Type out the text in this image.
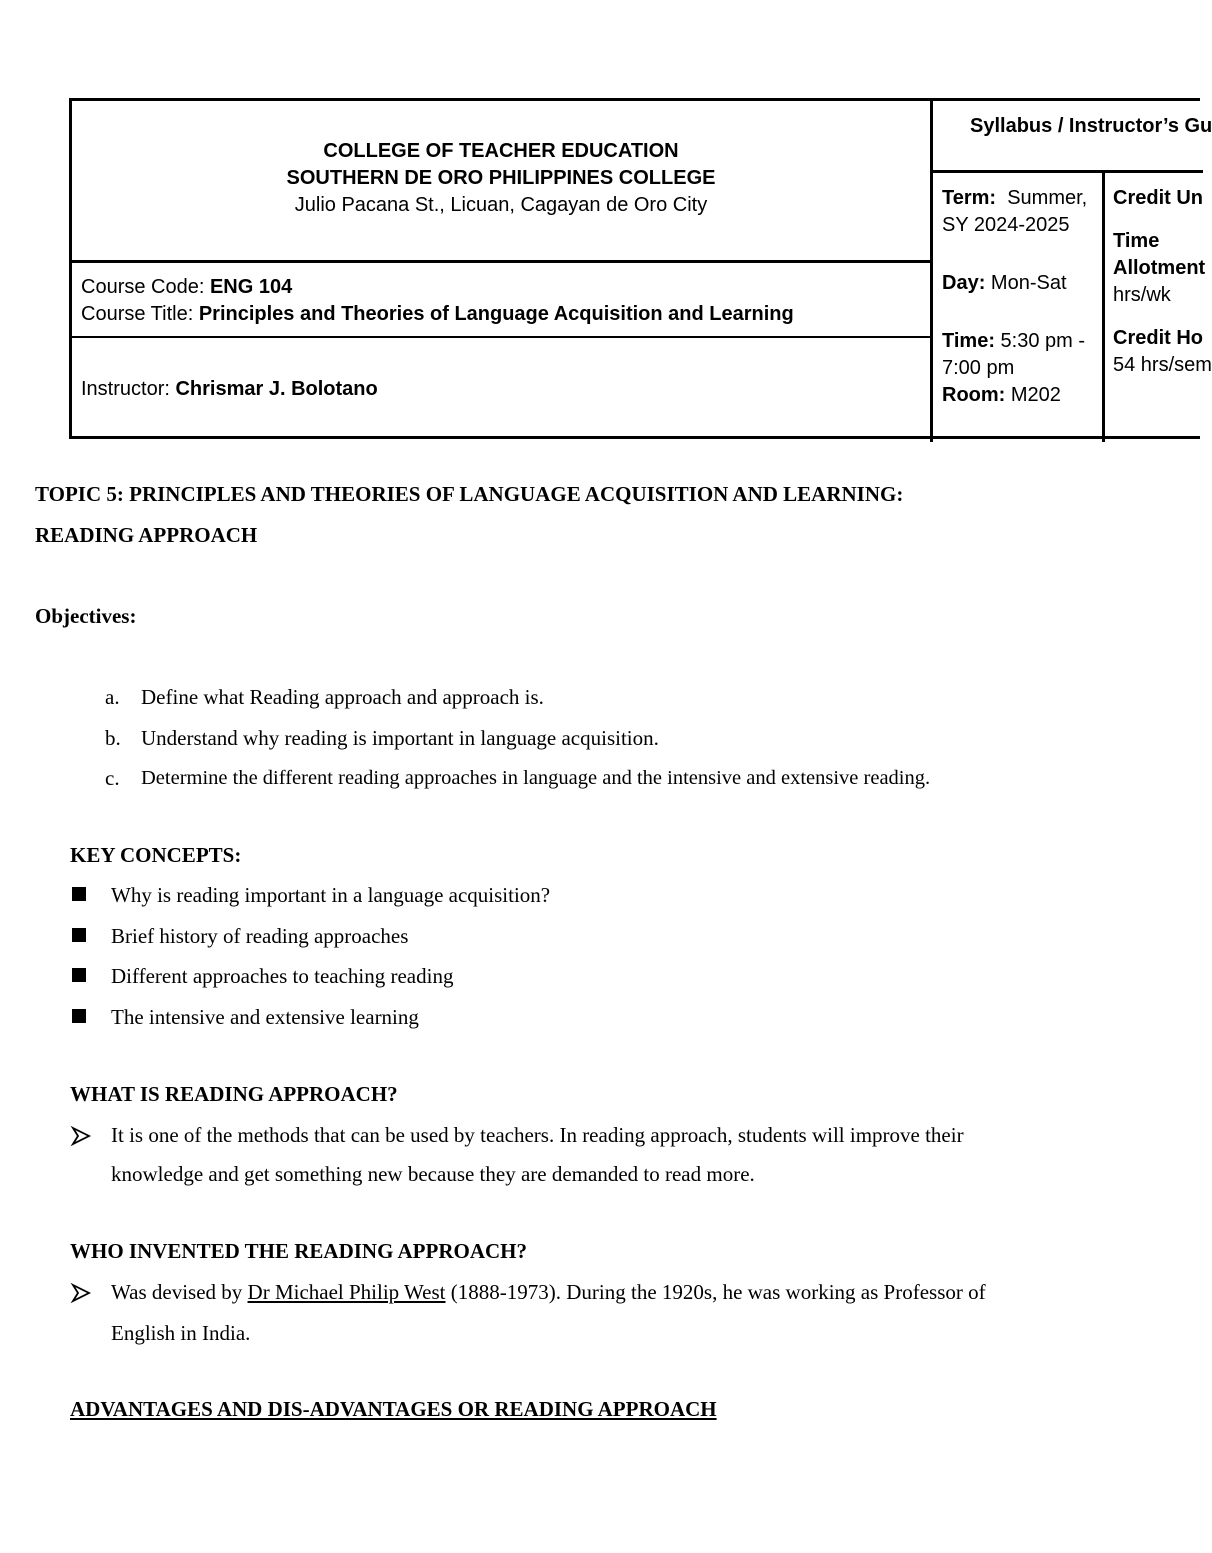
COLLEGE OF TEACHER EDUCATION
SOUTHERN DE ORO PHILIPPINES COLLEGE
Julio Pacana St., Licuan, Cagayan de Oro City
Course Code: ENG 104
Course Title: Principles and Theories of Language Acquisition and Learning
Instructor: Chrismar J. Bolotano
Syllabus / Instructor’s Gu
Term: Summer,
SY 2024-2025
Day: Mon-Sat
Time: 5:30 pm -
7:00 pm
Room: M202
Credit Un
Time
Allotment
hrs/wk
Credit Ho
54 hrs/sem
TOPIC 5: PRINCIPLES AND THEORIES OF LANGUAGE ACQUISITION AND LEARNING:
READING APPROACH
Objectives:
a. Define what Reading approach and approach is.
b. Understand why reading is important in language acquisition.
c. Determine the different reading approaches in language and the intensive and extensive reading.
KEY CONCEPTS:
Why is reading important in a language acquisition?
Brief history of reading approaches
Different approaches to teaching reading
The intensive and extensive learning
WHAT IS READING APPROACH?
It is one of the methods that can be used by teachers. In reading approach, students will improve their
knowledge and get something new because they are demanded to read more.
WHO INVENTED THE READING APPROACH?
Was devised by Dr Michael Philip West (1888-1973). During the 1920s, he was working as Professor of
English in India.
ADVANTAGES AND DIS-ADVANTAGES OR READING APPROACH
